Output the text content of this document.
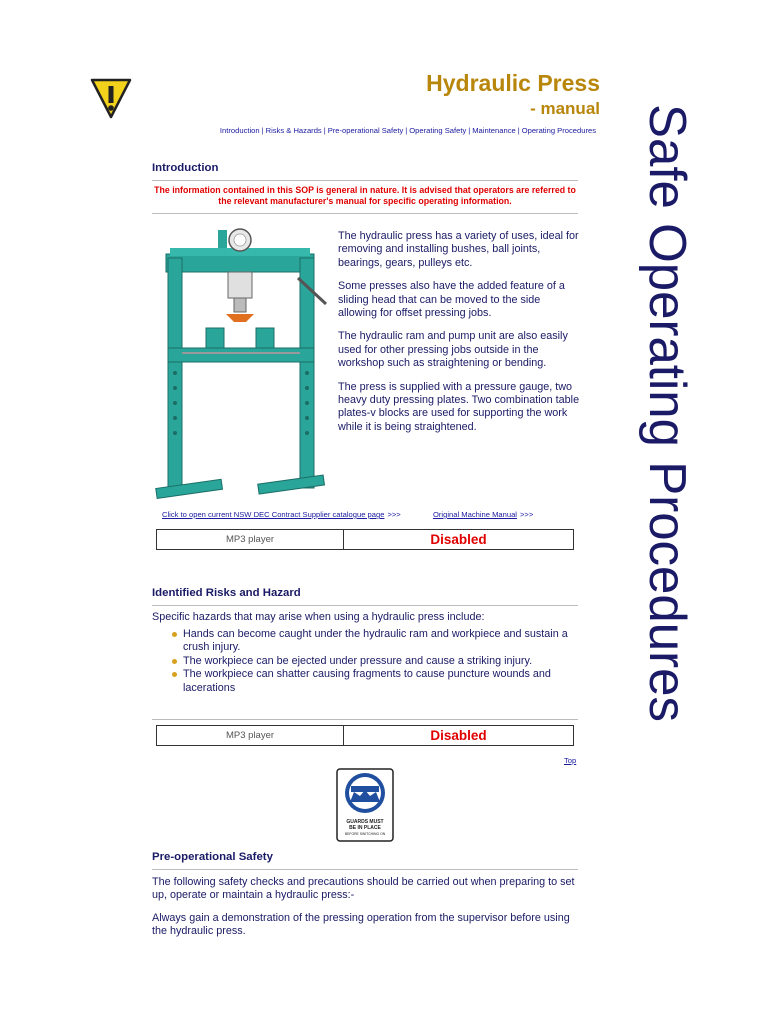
Hydraulic Press
- manual
Introduction | Risks & Hazards | Pre-operational Safety | Operating Safety | Maintenance | Operating Procedures Safe Operating Procedures
Introduction
The information contained in this SOP is general in nature. It is advised that operators are referred to the relevant manufacturer's manual for specific operating information.

The hydraulic press has a variety of uses, ideal for removing and installing bushes, ball joints, bearings, gears, pulleys etc.

Some presses also have the added feature of a sliding head that can be moved to the side allowing for offset pressing jobs.

The hydraulic ram and pump unit are also easily used for other pressing jobs outside in the workshop such as straightening or bending.

The press is supplied with a pressure gauge, two heavy duty pressing plates. Two combination table plates-v blocks are used for supporting the work while it is being straightened.

Click to open current NSW DEC Contract Supplier catalogue page >>>	Original Machine Manual >>>
MP3 player	Disabled
Identified Risks and Hazard
Specific hazards that may arise when using a hydraulic press include:
Hands can become caught under the hydraulic ram and workpiece and sustain a crush injury.
The workpiece can be ejected under pressure and cause a striking injury.
The workpiece can shatter causing fragments to cause puncture wounds and lacerations
MP3 player	Disabled
Top
GUARDS MUST
BE IN PLACE
BEFORE SWITCHING ON
Pre-operational Safety

The following safety checks and precautions should be carried out when preparing to set up, operate or maintain a hydraulic press:-

Always gain a demonstration of the pressing operation from the supervisor before using the hydraulic press.
